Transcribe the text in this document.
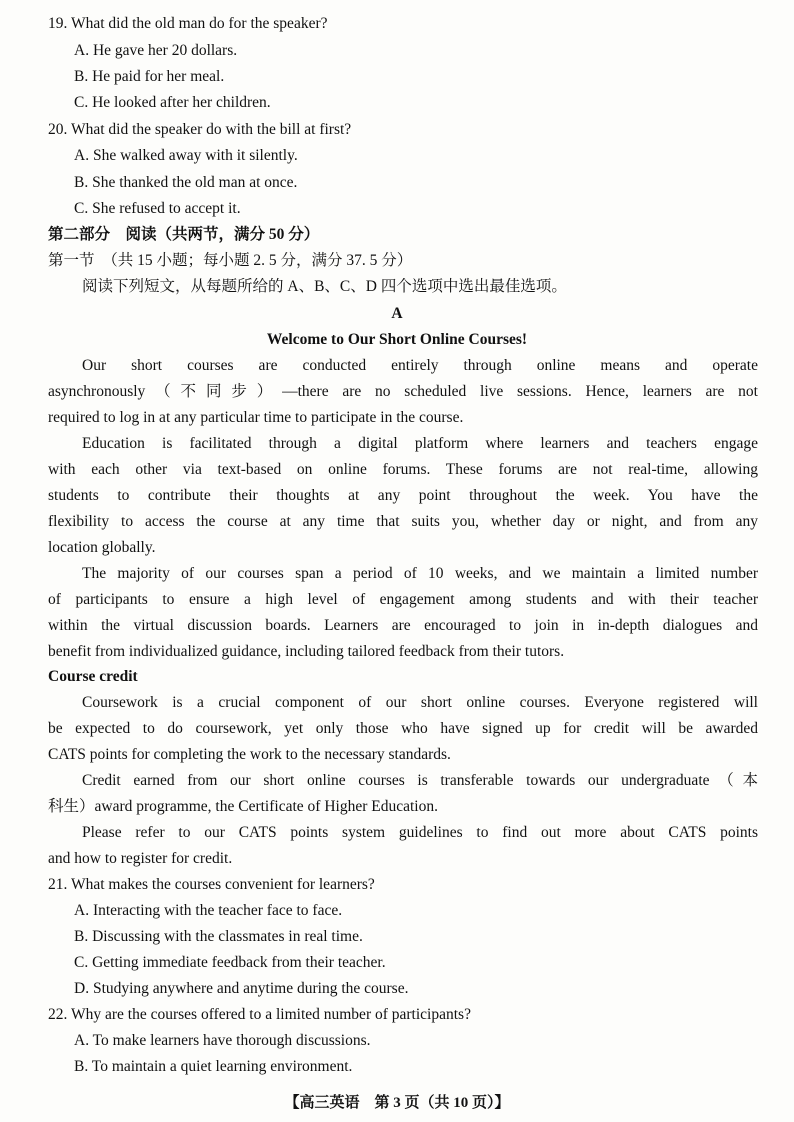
19. What did the old man do for the speaker?
A. He gave her 20 dollars.
B. He paid for her meal.
C. He looked after her children.
20. What did the speaker do with the bill at first?
A. She walked away with it silently.
B. She thanked the old man at once.
C. She refused to accept it.
第二部分　阅读（共两节，满分 50 分）
第一节　（共 15 小题；每小题 2. 5 分，满分 37. 5 分）
阅读下列短文，从每题所给的 A、B、C、D 四个选项中选出最佳选项。
A
Welcome to Our Short Online Courses!
Our short courses are conducted entirely through online means and operate
asynchronously（不同步）—there are no scheduled live sessions. Hence, learners are not
required to log in at any particular time to participate in the course.
Education is facilitated through a digital platform where learners and teachers engage
with each other via text-based on online forums. These forums are not real-time, allowing
students to contribute their thoughts at any point throughout the week. You have the
flexibility to access the course at any time that suits you, whether day or night, and from any
location globally.
The majority of our courses span a period of 10 weeks, and we maintain a limited number
of participants to ensure a high level of engagement among students and with their teacher
within the virtual discussion boards. Learners are encouraged to join in in-depth dialogues and
benefit from individualized guidance, including tailored feedback from their tutors.
Course credit
Coursework is a crucial component of our short online courses. Everyone registered will
be expected to do coursework, yet only those who have signed up for credit will be awarded
CATS points for completing the work to the necessary standards.
Credit earned from our short online courses is transferable towards our undergraduate（本
科生）award programme, the Certificate of Higher Education.
Please refer to our CATS points system guidelines to find out more about CATS points
and how to register for credit.
21. What makes the courses convenient for learners?
A. Interacting with the teacher face to face.
B. Discussing with the classmates in real time.
C. Getting immediate feedback from their teacher.
D. Studying anywhere and anytime during the course.
22. Why are the courses offered to a limited number of participants?
A. To make learners have thorough discussions.
B. To maintain a quiet learning environment.
【高三英语　第 3 页（共 10 页）】
